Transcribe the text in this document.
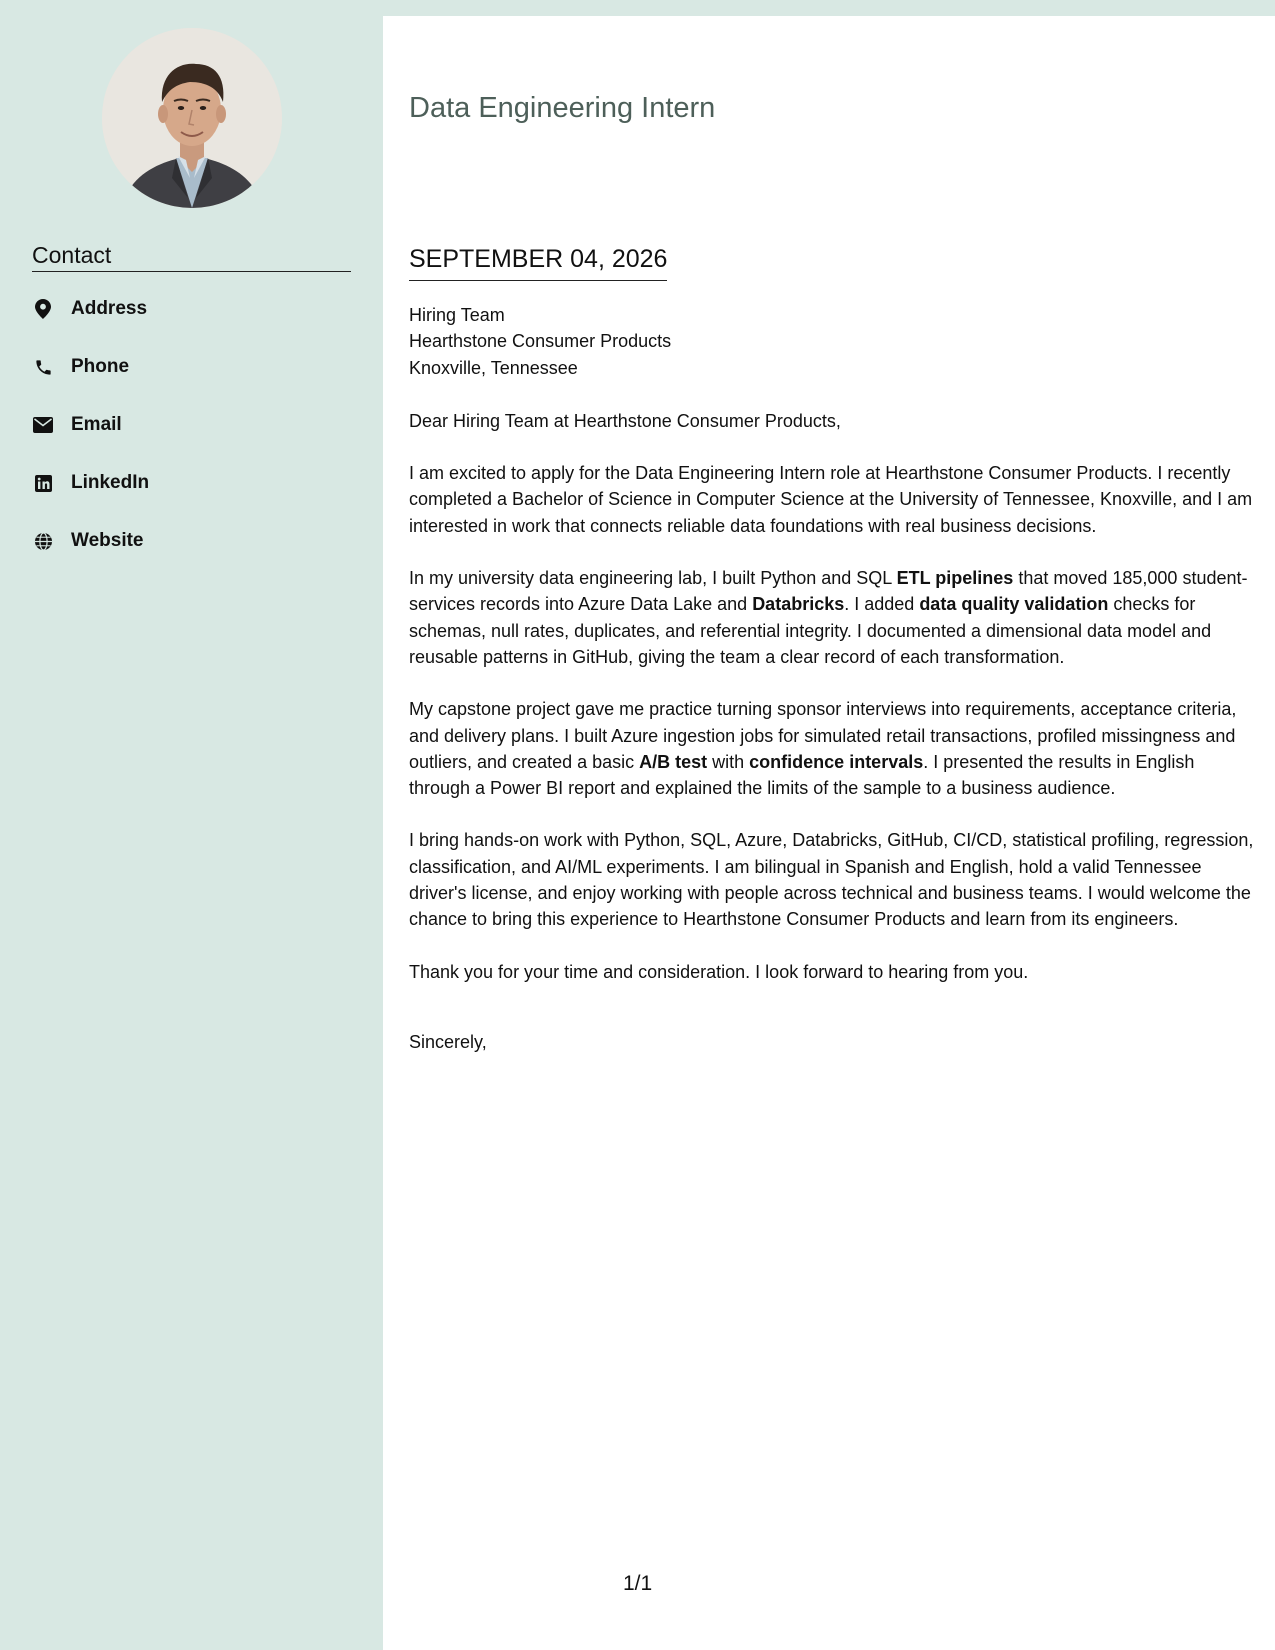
Contact
Address
Phone
Email
LinkedIn
Website
Data Engineering Intern
SEPTEMBER 04, 2026
Hiring Team
Hearthstone Consumer Products
Knoxville, Tennessee

Dear Hiring Team at Hearthstone Consumer Products,

I am excited to apply for the Data Engineering Intern role at Hearthstone Consumer Products. I recently completed a Bachelor of Science in Computer Science at the University of Tennessee, Knoxville, and I am interested in work that connects reliable data foundations with real business decisions.

In my university data engineering lab, I built Python and SQL ETL pipelines that moved 185,000 student-services records into Azure Data Lake and Databricks. I added data quality validation checks for schemas, null rates, duplicates, and referential integrity. I documented a dimensional data model and reusable patterns in GitHub, giving the team a clear record of each transformation.

My capstone project gave me practice turning sponsor interviews into requirements, acceptance criteria, and delivery plans. I built Azure ingestion jobs for simulated retail transactions, profiled missingness and outliers, and created a basic A/B test with confidence intervals. I presented the results in English through a Power BI report and explained the limits of the sample to a business audience.

I bring hands-on work with Python, SQL, Azure, Databricks, GitHub, CI/CD, statistical profiling, regression, classification, and AI/ML experiments. I am bilingual in Spanish and English, hold a valid Tennessee driver's license, and enjoy working with people across technical and business teams. I would welcome the chance to bring this experience to Hearthstone Consumer Products and learn from its engineers.

Thank you for your time and consideration. I look forward to hearing from you.

Sincerely,

1/1
